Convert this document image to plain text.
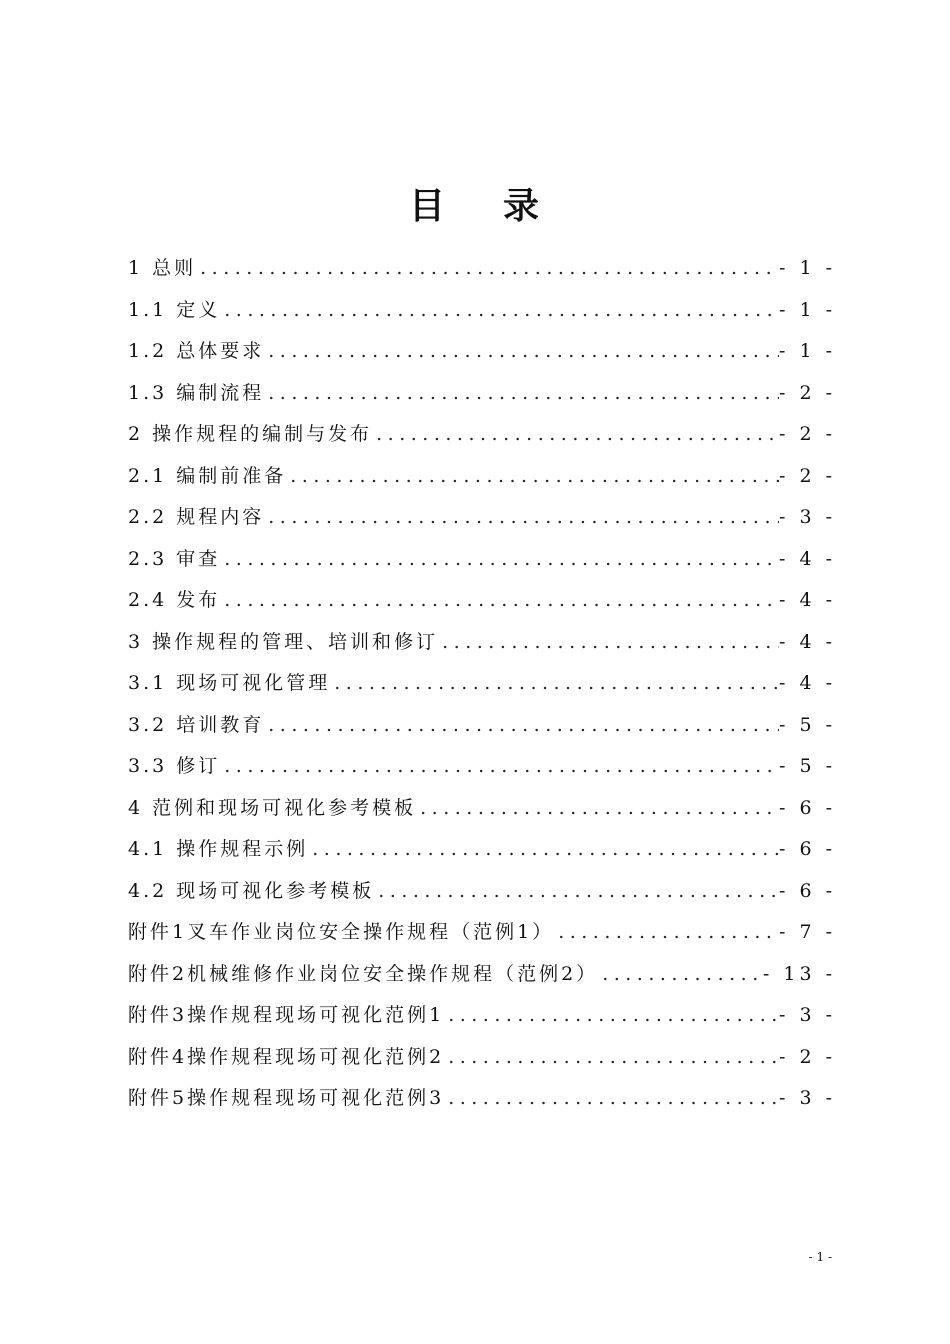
目 录
1 总则 .....	- 1 -
1.1 定义 .....	- 1 -
1.2 总体要求 .....	- 1 -
1.3 编制流程 .....	- 2 -
2 操作规程的编制与发布 .....	- 2 -
2.1 编制前准备 .....	- 2 -
2.2 规程内容 .....	- 3 -
2.3 审查 .....	- 4 -
2.4 发布 .....	- 4 -
3 操作规程的管理、培训和修订 .....	- 4 -
3.1 现场可视化管理 .....	- 4 -
3.2 培训教育 .....	- 5 -
3.3 修订 .....	- 5 -
4 范例和现场可视化参考模板 .....	- 6 -
4.1 操作规程示例 .....	- 6 -
4.2 现场可视化参考模板 .....	- 6 -
附件1叉车作业岗位安全操作规程（范例1） .....	- 7 -
附件2机械维修作业岗位安全操作规程（范例2） .....	- 13 -
附件3操作规程现场可视化范例1 .....	- 3 -
附件4操作规程现场可视化范例2 .....	- 2 -
附件5操作规程现场可视化范例3 .....	- 3 -
- 1 -
